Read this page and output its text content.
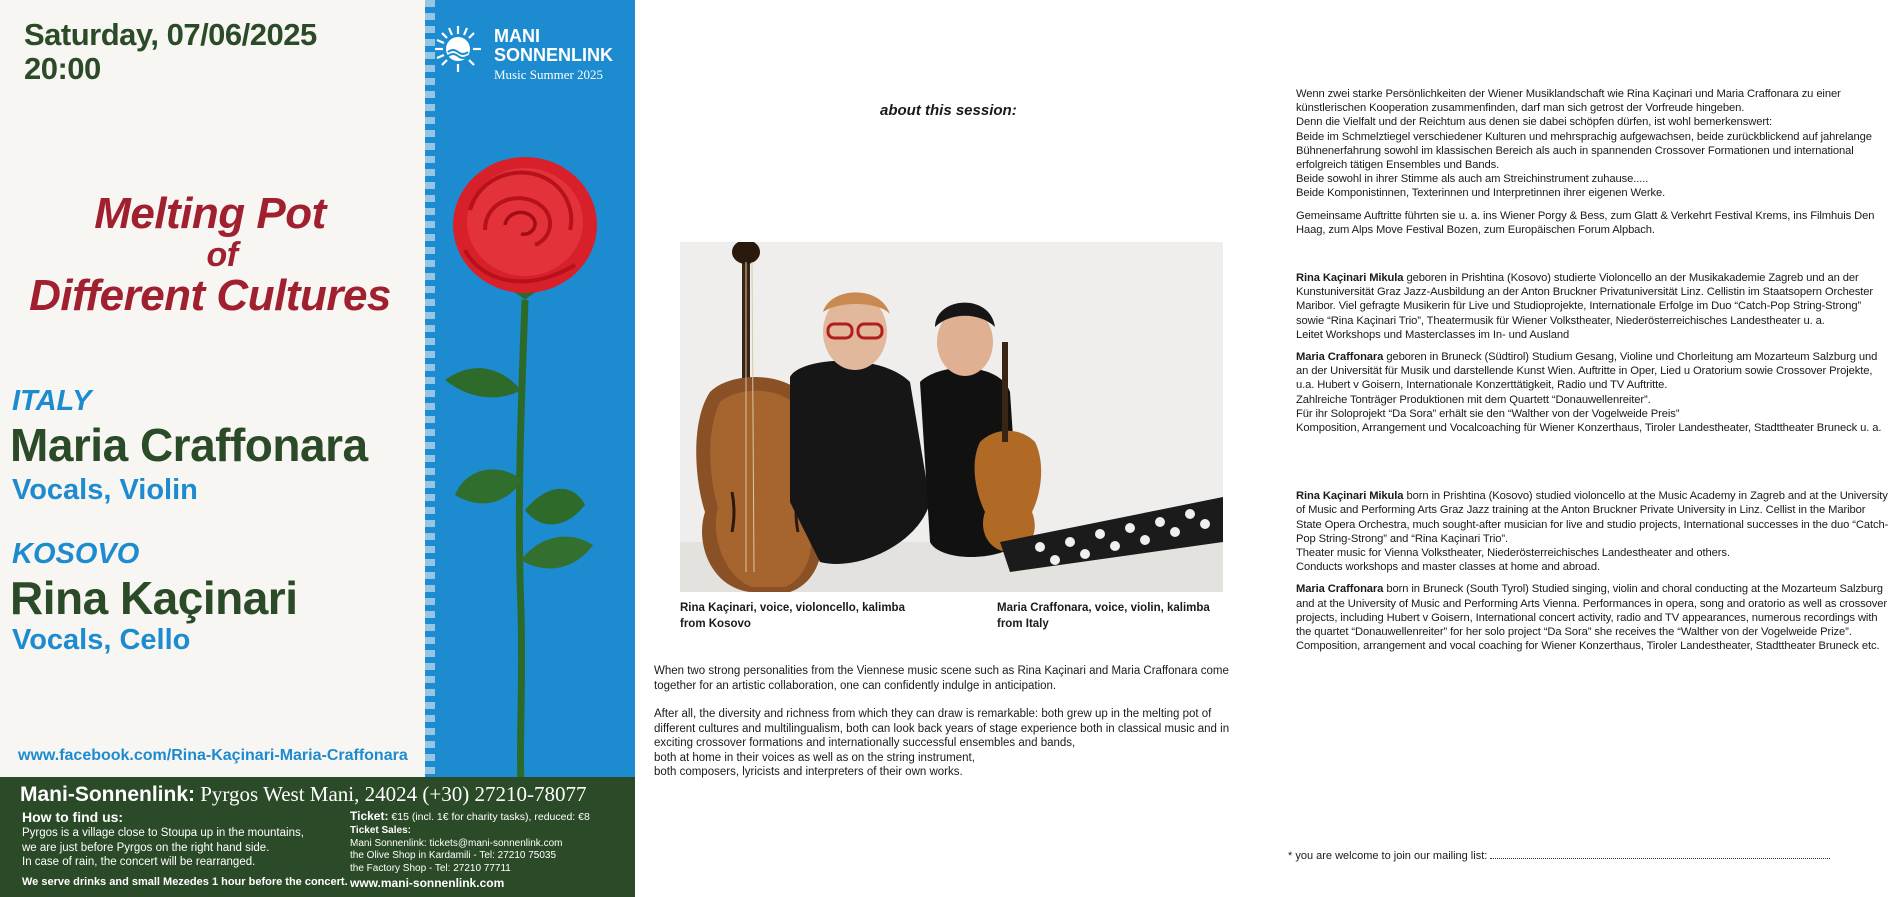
Saturday, 07/06/2025
20:00
MANI
SONNENLINK
Music Summer 2025
Melting Pot
of
Different Cultures
ITALY
Maria Craffonara
Vocals, Violin
KOSOVO
Rina Kaçinari
Vocals, Cello
www.facebook.com/Rina-Kaçinari-Maria-Craffonara
Mani-Sonnenlink: Pyrgos West Mani, 24024 (+30) 27210-78077
How to find us:
Pyrgos is a village close to Stoupa up in the mountains,
we are just before Pyrgos on the right hand side.
In case of rain, the concert will be rearranged.
We serve drinks and small Mezedes 1 hour before the concert.
Ticket: €15 (incl. 1€ for charity tasks), reduced: €8
Ticket Sales:
Mani Sonnenlink: tickets@mani-sonnenlink.com
the Olive Shop in Kardamili - Tel: 27210 75035
the Factory Shop - Tel: 27210 77711
www.mani-sonnenlink.com
about this session:
Rina Kaçinari, voice, violoncello, kalimba
from Kosovo
Maria Craffonara, voice, violin, kalimba
from Italy

When two strong personalities from the Viennese music scene such as Rina Kaçinari and Maria Craffonara come together for an artistic collaboration, one can confidently indulge in anticipation.

After all, the diversity and richness from which they can draw is remarkable: both grew up in the melting pot of different cultures and multilingualism, both can look back years of stage experience both in classical music and in exciting crossover formations and internationally successful ensembles and bands,
both at home in their voices as well as on the string instrument,
both composers, lyricists and interpreters of their own works.

Wenn zwei starke Persönlichkeiten der Wiener Musiklandschaft wie Rina Kaçinari und Maria Craffonara zu einer künstlerischen Kooperation zusammenfinden, darf man sich getrost der Vorfreude hingeben.
Denn die Vielfalt und der Reichtum aus denen sie dabei schöpfen dürfen, ist wohl bemerkenswert:
Beide im Schmelztiegel verschiedener Kulturen und mehrsprachig aufgewachsen, beide zurückblickend auf jahrelange Bühnenerfahrung sowohl im klassischen Bereich als auch in spannenden Crossover Formationen und international erfolgreich tätigen Ensembles und Bands.
Beide sowohl in ihrer Stimme als auch am Streichinstrument zuhause.....
Beide Komponistinnen, Texterinnen und Interpretinnen ihrer eigenen Werke.

Gemeinsame Auftritte führten sie u. a. ins Wiener Porgy & Bess, zum Glatt & Verkehrt Festival Krems, ins Filmhuis Den Haag, zum Alps Move Festival Bozen, zum Europäischen Forum Alpbach.

Rina Kaçinari Mikula geboren in Prishtina (Kosovo) studierte Violoncello an der Musikakademie Zagreb und an der Kunstuniversität Graz Jazz-Ausbildung an der Anton Bruckner Privatuniversität Linz. Cellistin im Staatsopern Orchester Maribor. Viel gefragte Musikerin für Live und Studioprojekte, Internationale Erfolge im Duo “Catch-Pop String-Strong” sowie “Rina Kaçinari Trio”, Theatermusik für Wiener Volkstheater, Niederösterreichisches Landestheater u. a.
Leitet Workshops und Masterclasses im In- und Ausland

Maria Craffonara geboren in Bruneck (Südtirol) Studium Gesang, Violine und Chorleitung am Mozarteum Salzburg und an der Universität für Musik und darstellende Kunst Wien. Auftritte in Oper, Lied u Oratorium sowie Crossover Projekte, u.a. Hubert v Goisern, Internationale Konzerttätigkeit, Radio und TV Auftritte.
Zahlreiche Tonträger Produktionen mit dem Quartett “Donauwellenreiter”.
Für ihr Soloprojekt “Da Sora” erhält sie den “Walther von der Vogelweide Preis”
Komposition, Arrangement und Vocalcoaching für Wiener Konzerthaus, Tiroler Landestheater, Stadttheater Bruneck u. a.

Rina Kaçinari Mikula born in Prishtina (Kosovo) studied violoncello at the Music Academy in Zagreb and at the University of Music and Performing Arts Graz Jazz training at the Anton Bruckner Private University in Linz. Cellist in the Maribor State Opera Orchestra, much sought-after musician for live and studio projects, International successes in the duo “Catch-Pop String-Strong” and “Rina Kaçinari Trio”.
Theater music for Vienna Volkstheater, Niederösterreichisches Landestheater and others.
Conducts workshops and master classes at home and abroad.

Maria Craffonara born in Bruneck (South Tyrol) Studied singing, violin and choral conducting at the Mozarteum Salzburg and at the University of Music and Performing Arts Vienna. Performances in opera, song and oratorio as well as crossover projects, including Hubert v Goisern, International concert activity, radio and TV appearances, numerous recordings with the quartet “Donauwellenreiter” for her solo project “Da Sora” she receives the “Walther von der Vogelweide Prize”. Composition, arrangement and vocal coaching for Wiener Konzerthaus, Tiroler Landestheater, Stadttheater Bruneck etc.

* you are welcome to join our mailing list:
